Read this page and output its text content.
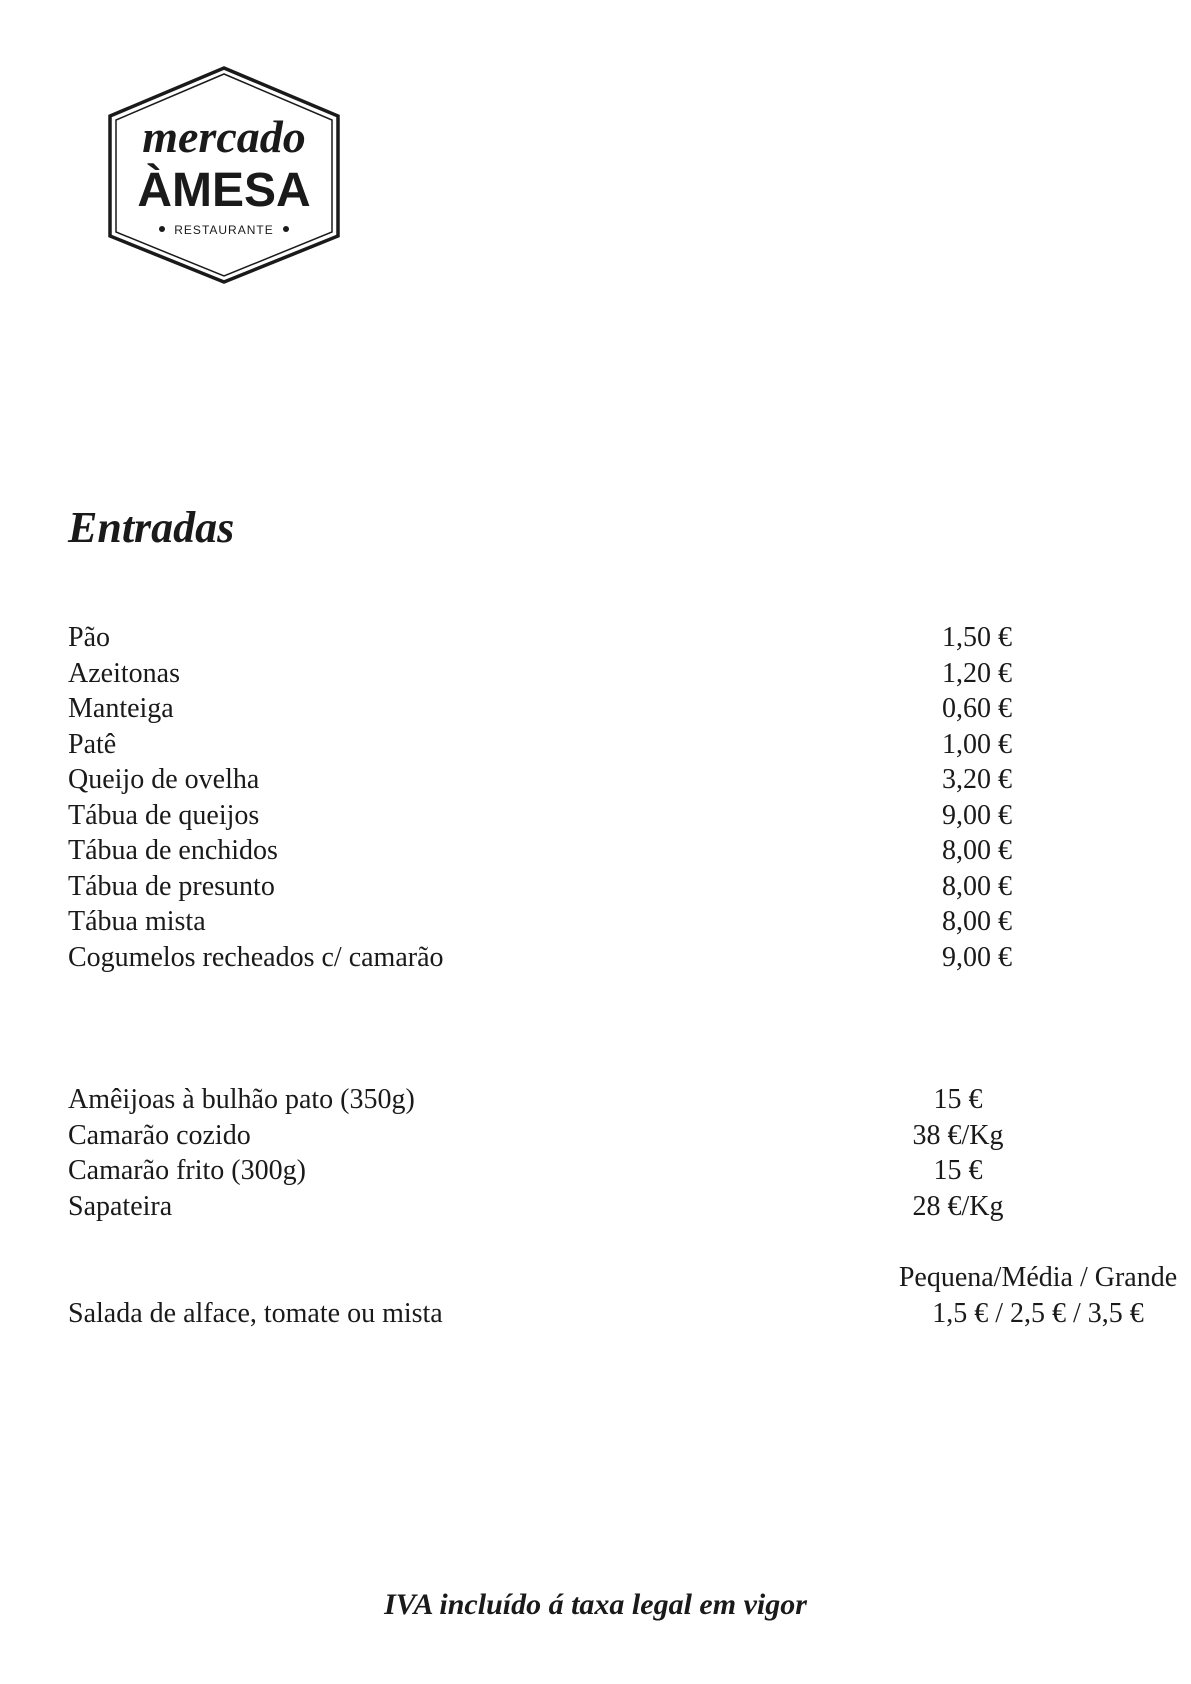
mercado
ÀMESA
RESTAURANTE
Entradas
Pão	1,50 €
Azeitonas	1,20 €
Manteiga	0,60 €
Patê	1,00 €
Queijo de ovelha	3,20 €
Tábua de queijos	9,00 €
Tábua de enchidos	8,00 €
Tábua de presunto	8,00 €
Tábua mista	8,00 €
Cogumelos recheados c/ camarão	9,00 €
Amêijoas à bulhão pato (350g)	15 €
Camarão cozido	38 €/Kg
Camarão frito (300g)	15 €
Sapateira	28 €/Kg
Pequena/Média / Grande
Salada de alface, tomate ou mista	1,5 € / 2,5 € / 3,5 €
IVA incluído á taxa legal em vigor
